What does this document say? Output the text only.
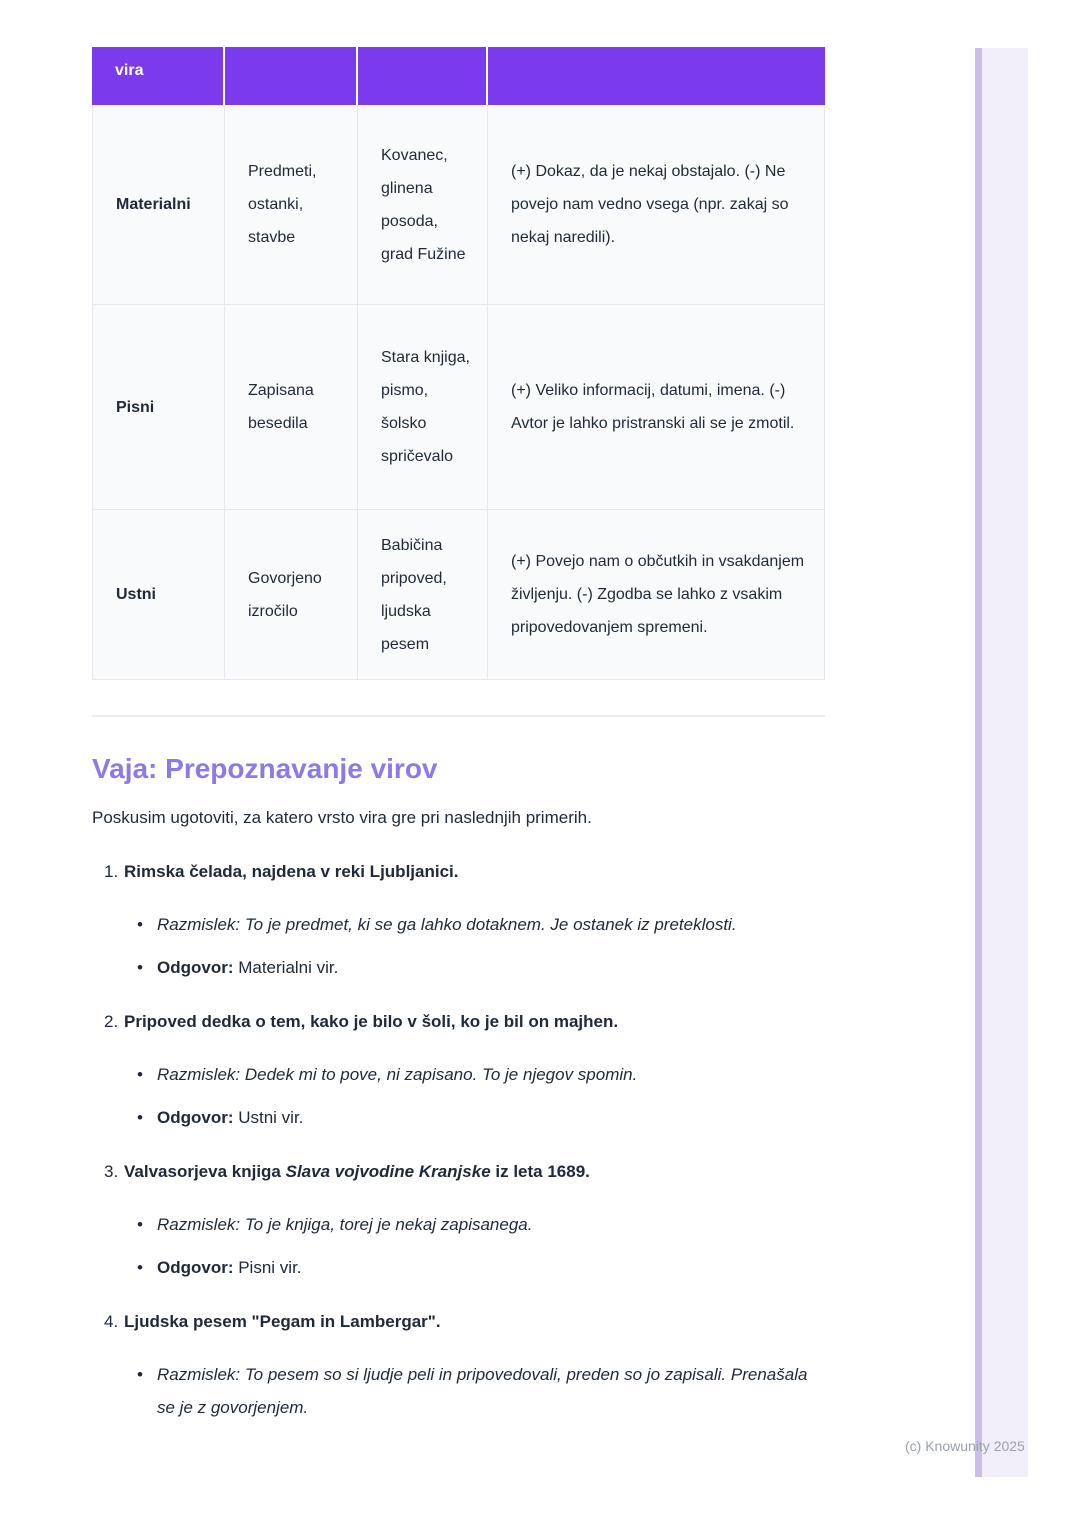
vira			
Materialni	Predmeti, ostanki, stavbe	Kovanec, glinena posoda, grad Fužine	(+) Dokaz, da je nekaj obstajalo. (-) Ne povejo nam vedno vsega (npr. zakaj so nekaj naredili).
Pisni	Zapisana besedila	Stara knjiga, pismo, šolsko spričevalo	(+) Veliko informacij, datumi, imena. (-) Avtor je lahko pristranski ali se je zmotil.
Ustni	Govorjeno izročilo	Babičina pripoved, ljudska pesem	(+) Povejo nam o občutkih in vsakdanjem življenju. (-) Zgodba se lahko z vsakim pripovedovanjem spremeni.
Vaja: Prepoznavanje virov

Poskusim ugotoviti, za katero vrsto vira gre pri naslednjih primerih.

1. Rimska čelada, najdena v reki Ljubljanici.
• Razmislek: To je predmet, ki se ga lahko dotaknem. Je ostanek iz preteklosti.
• Odgovor: Materialni vir.
2. Pripoved dedka o tem, kako je bilo v šoli, ko je bil on majhen.
• Razmislek: Dedek mi to pove, ni zapisano. To je njegov spomin.
• Odgovor: Ustni vir.
3. Valvasorjeva knjiga Slava vojvodine Kranjske iz leta 1689.
• Razmislek: To je knjiga, torej je nekaj zapisanega.
• Odgovor: Pisni vir.
4. Ljudska pesem "Pegam in Lambergar".
• Razmislek: To pesem so si ljudje peli in pripovedovali, preden so jo zapisali. Prenašala se je z govorjenjem.
(c) Knowunity 2025
